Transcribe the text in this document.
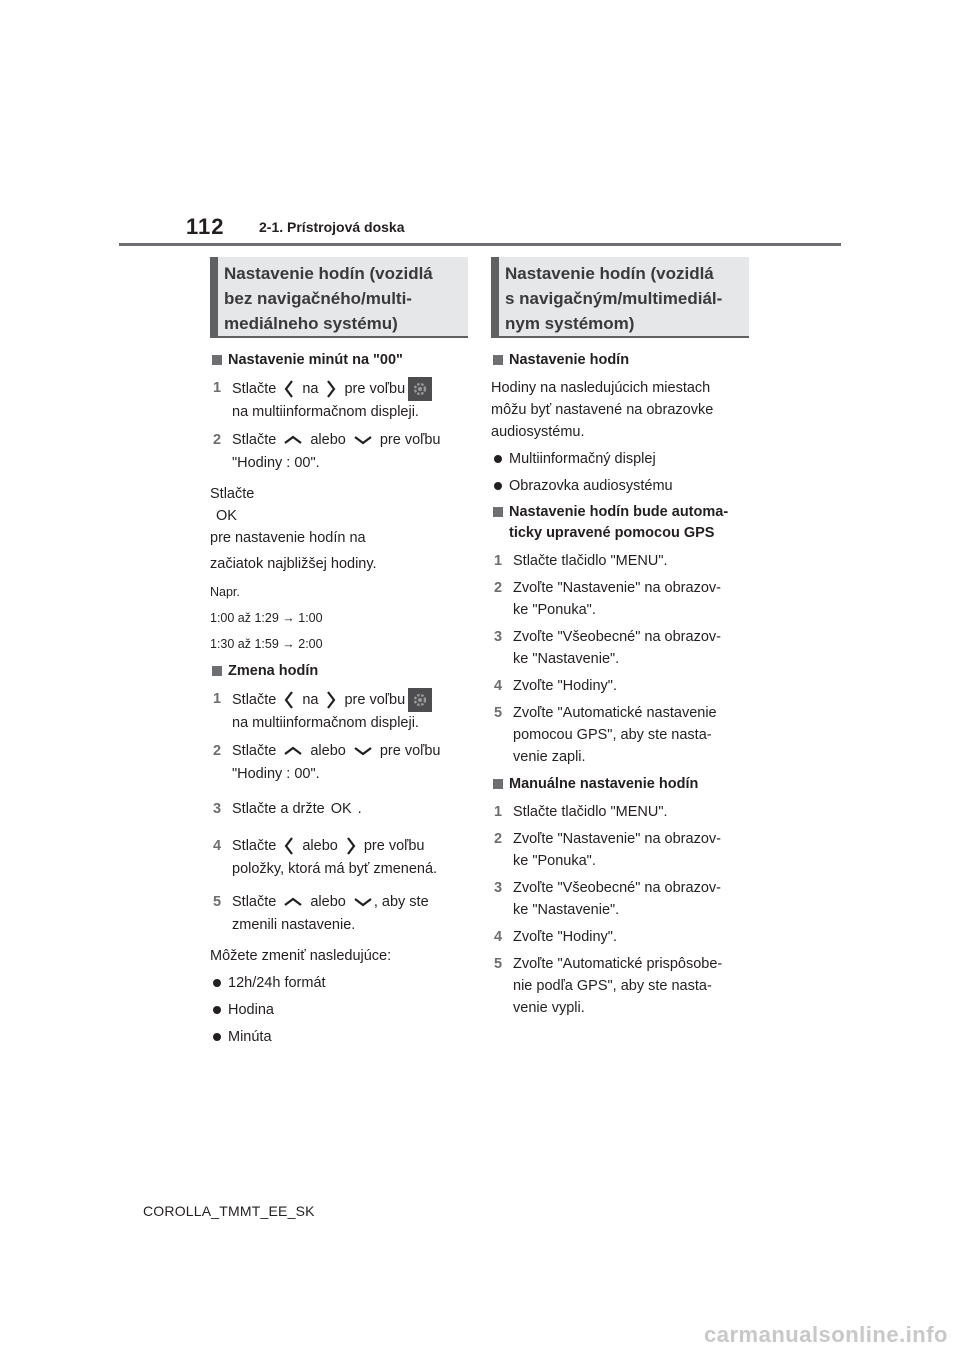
112 2-1. Prístrojová doska
Nastavenie hodín (vozidlá
bez navigačného/multi-
mediálneho systému)
Nastavenie minút na "00"
1 Stlačte na pre voľbu
na multiinformačnom displeji.
2 Stlačte alebo pre voľbu
"Hodiny : 00".
Stlačte
OK
pre nastavenie hodín na
začiatok najbližšej hodiny.
Napr.
1:00 až 1:29 → 1:00
1:30 až 1:59 → 2:00
Zmena hodín
1 Stlačte na pre voľbu
na multiinformačnom displeji.
2 Stlačte alebo pre voľbu
"Hodiny : 00".
3 Stlačte a držte OK .
4 Stlačte alebo pre voľbu
položky, ktorá má byť zmenená.
5 Stlačte alebo , aby ste
zmenili nastavenie.
Môžete zmeniť nasledujúce:
12h/24h formát
Hodina
Minúta
Nastavenie hodín (vozidlá
s navigačným/multimediál-
nym systémom)
Nastavenie hodín
Hodiny na nasledujúcich miestach
môžu byť nastavené na obrazovke
audiosystému.
Multiinformačný displej
Obrazovka audiosystému
Nastavenie hodín bude automa-
ticky upravené pomocou GPS
1 Stlačte tlačidlo "MENU".
2 Zvoľte "Nastavenie" na obrazov-
ke "Ponuka".
3 Zvoľte "Všeobecné" na obrazov-
ke "Nastavenie".
4 Zvoľte "Hodiny".
5 Zvoľte "Automatické nastavenie
pomocou GPS", aby ste nasta-
venie zapli.
Manuálne nastavenie hodín
1 Stlačte tlačidlo "MENU".
2 Zvoľte "Nastavenie" na obrazov-
ke "Ponuka".
3 Zvoľte "Všeobecné" na obrazov-
ke "Nastavenie".
4 Zvoľte "Hodiny".
5 Zvoľte "Automatické prispôsobe-
nie podľa GPS", aby ste nasta-
venie vypli.
COROLLA_TMMT_EE_SK
carmanualsonline.info
